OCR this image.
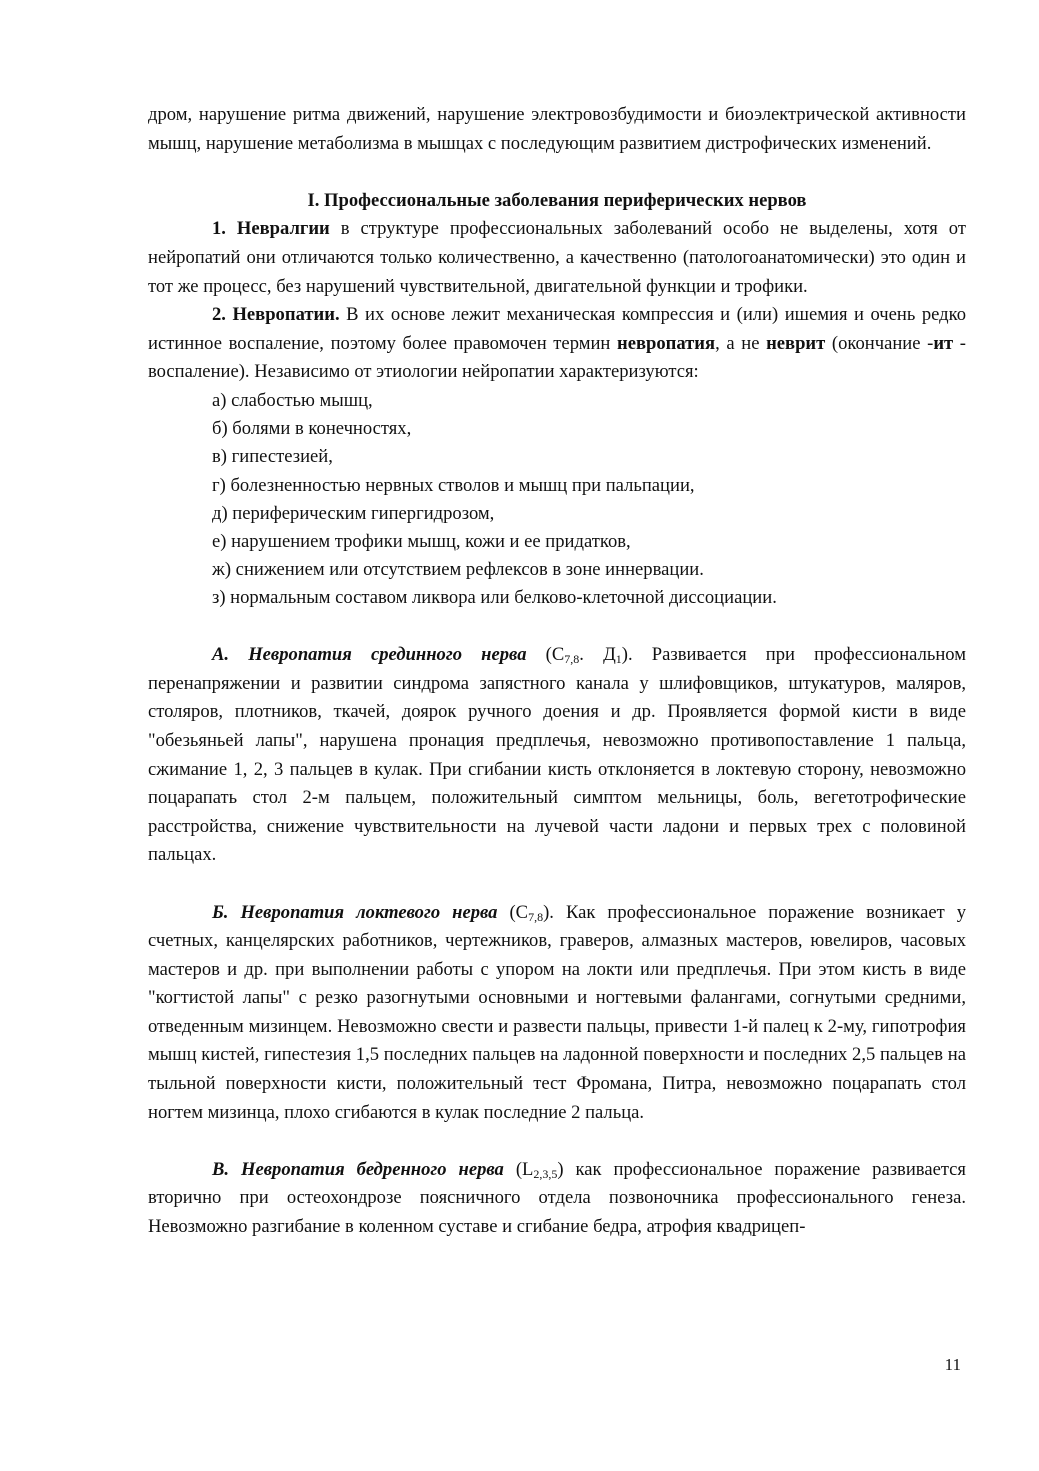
дром, нарушение ритма движений, нарушение электровозбудимости и биоэлектрической активности мышц, нарушение метаболизма в мышцах с последующим развитием дистрофических изменений.

I. Профессиональные заболевания периферических нервов

1. Невралгии в структуре профессиональных заболеваний особо не выделены, хотя от нейропатий они отличаются только количественно, а качественно (патологоанатомически) это один и тот же процесс, без нарушений чувствительной, двигательной функции и трофики.

2. Невропатии. В их основе лежит механическая компрессия и (или) ишемия и очень редко истинное воспаление, поэтому более правомочен термин невропатия, а не неврит (окончание -ит - воспаление). Независимо от этиологии нейропатии характеризуются:

а) слабостью мышц,
б) болями в конечностях,
в) гипестезией,
г) болезненностью нервных стволов и мышц при пальпации,
д) периферическим гипергидрозом,
е) нарушением трофики мышц, кожи и ее придатков,
ж) снижением или отсутствием рефлексов в зоне иннервации.
з) нормальным составом ликвора или белково-клеточной диссоциации.

А. Невропатия срединного нерва ($С_{7,8}$. $Д_1$). Развивается при профессиональном перенапряжении и развитии синдрома запястного канала у шлифовщиков, штукатуров, маляров, столяров, плотников, ткачей, доярок ручного доения и др. Проявляется формой кисти в виде "обезьяньей лапы", нарушена пронация предплечья, невозможно противопоставление 1 пальца, сжимание 1, 2, 3 пальцев в кулак. При сгибании кисть отклоняется в локтевую сторону, невозможно поцарапать стол 2-м пальцем, положительный симптом мельницы, боль, вегетотрофические расстройства, снижение чувствительности на лучевой части ладони и первых трех с половиной пальцах.

Б. Невропатия локтевого нерва $(С_{7,8})$. Как профессиональное поражение возникает у счетных, канцелярских работников, чертежников, граверов, алмазных мастеров, ювелиров, часовых мастеров и др. при выполнении работы с упором на локти или предплечья. При этом кисть в виде "когтистой лапы" с резко разогнутыми основными и ногтевыми фалангами, согнутыми средними, отведенным мизинцем. Невозможно свести и развести пальцы, привести 1-й палец к 2-му, гипотрофия мышц кистей, гипестезия 1,5 последних пальцев на ладонной поверхности и последних 2,5 пальцев на тыльной поверхности кисти, положительный тест Фромана, Питра, невозможно поцарапать стол ногтем мизинца, плохо сгибаются в кулак последние 2 пальца.

В. Невропатия бедренного нерва $(L_{2,3,5})$ как профессиональное поражение развивается вторично при остеохондрозе поясничного отдела позвоночника профессионального генеза. Невозможно разгибание в коленном суставе и сгибание бедра, атрофия квадрицеп-

11
